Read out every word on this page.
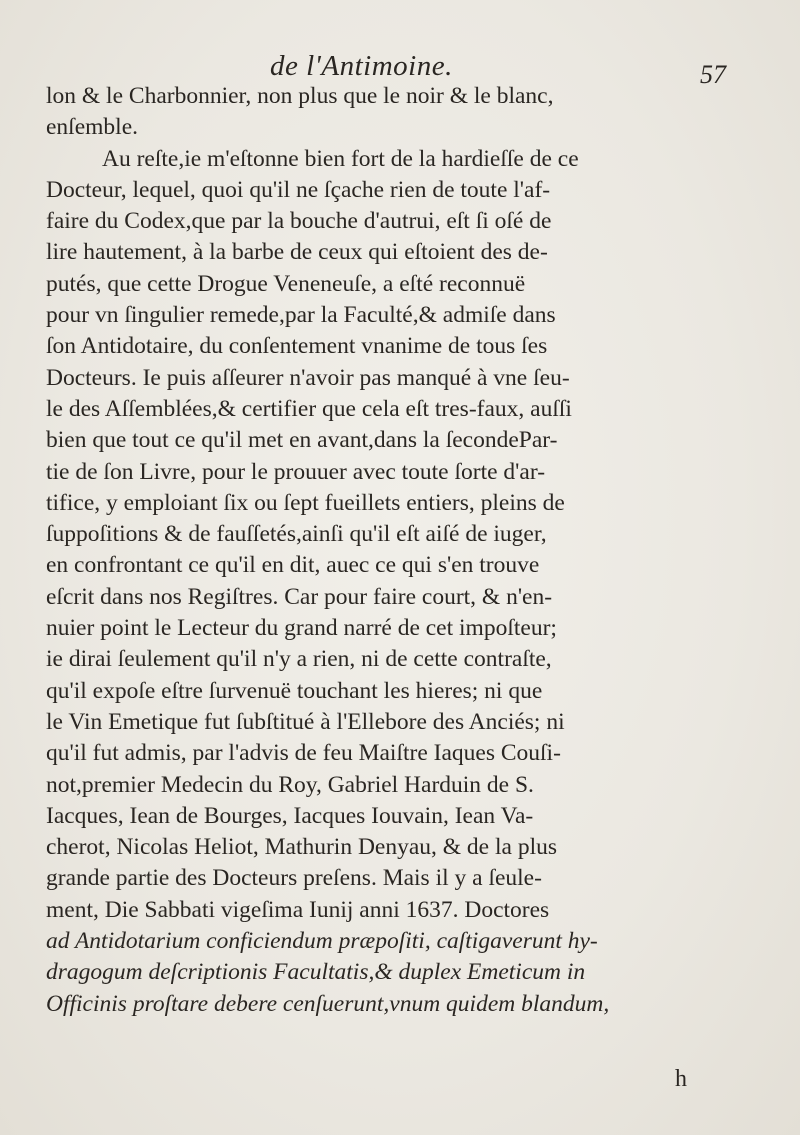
de l'Antimoine.	57
lon & le Charbonnier, non plus que le noir & le blanc,
enſemble.
Au reſte,ie m'eſtonne bien fort de la hardieſſe de ce
Docteur, lequel, quoi qu'il ne ſçache rien de toute l'af-
faire du Codex,que par la bouche d'autrui, eſt ſi oſé de
lire hautement, à la barbe de ceux qui eſtoient des de-
putés, que cette Drogue Veneneuſe, a eſté reconnuë
pour vn ſingulier remede,par la Faculté,& admiſe dans
ſon Antidotaire, du conſentement vnanime de tous ſes
Docteurs. Ie puis aſſeurer n'avoir pas manqué à vne ſeu-
le des Aſſemblées,& certifier que cela eſt tres-faux, auſſi
bien que tout ce qu'il met en avant,dans la ſecondePar-
tie de ſon Livre, pour le prouuer avec toute ſorte d'ar-
tifice, y emploiant ſix ou ſept fueillets entiers, pleins de
ſuppoſitions & de fauſſetés,ainſi qu'il eſt aiſé de iuger,
en confrontant ce qu'il en dit, auec ce qui s'en trouve
eſcrit dans nos Regiſtres. Car pour faire court, & n'en-
nuier point le Lecteur du grand narré de cet impoſteur;
ie dirai ſeulement qu'il n'y a rien, ni de cette contraſte,
qu'il expoſe eſtre ſurvenuë touchant les hieres; ni que
le Vin Emetique fut ſubſtitué à l'Ellebore des Anciés; ni
qu'il fut admis, par l'advis de feu Maiſtre Iaques Couſi-
not,premier Medecin du Roy, Gabriel Harduin de S.
Iacques, Iean de Bourges, Iacques Iouvain, Iean Va-
cherot, Nicolas Heliot, Mathurin Denyau, & de la plus
grande partie des Docteurs preſens. Mais il y a ſeule-
ment, Die Sabbati vigeſima Iunij anni 1637. Doctores
ad Antidotarium conficiendum præpoſiti, caſtigaverunt hy-
dragogum deſcriptionis Facultatis,& duplex Emeticum in
Officinis proſtare debere cenſuerunt,vnum quidem blandum,
h
